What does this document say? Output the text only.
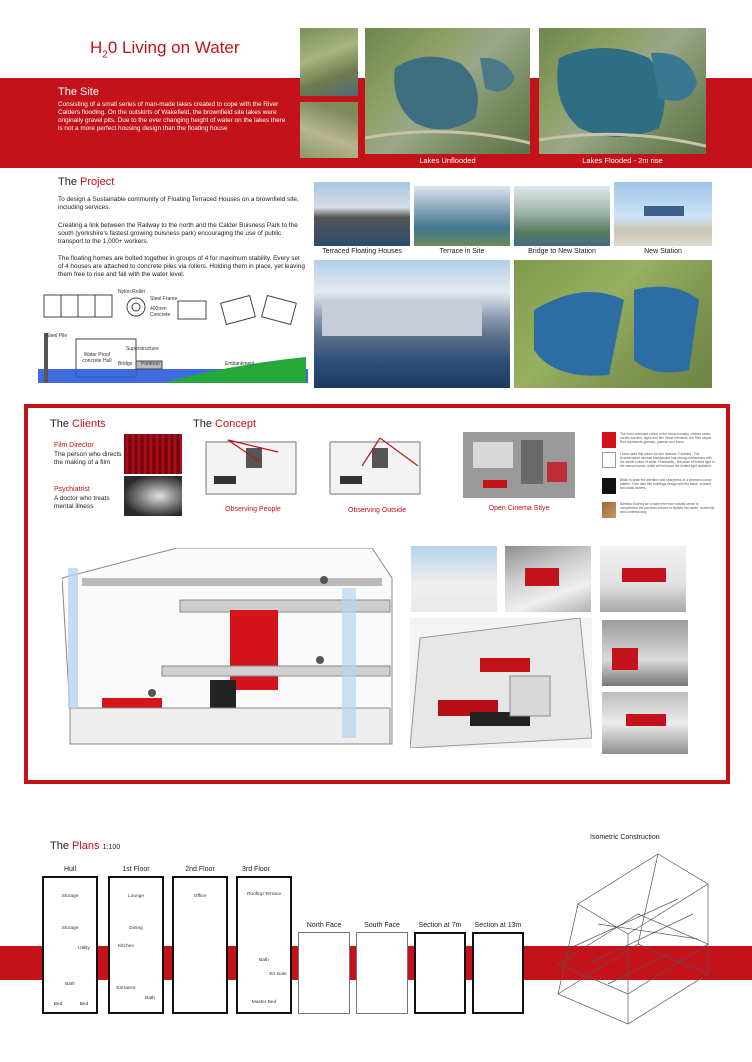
$H_20$ Living on Water
Lakes Unflooded	Lakes Flooded - 2m rise
The Site
Consisting of a small series of man-made lakes created to cope with the River Calders flooding. On the outskirts of Wakefield, the brownfield site lakes were originally gravel pits. Due to the ever changing height of water on the lakes there is not a more perfect housing design than the floating house
The Project
To design a Sustainable community of Floating Terraced Houses on a brownfield site, including services.
Creating a link between the Railway to the north and the Calder Buisness Park to the south (yorkshire's fastest growing buisness park) encouraging the use of public transport to the 1,000+ workers.
The floating homes are bolted together in groups of 4 for maximum stability. Every set of 4 houses are attached to concrete piles via rollers. Holding them in place, yet leaving them free to rise and fall with the water level.
Nylon Roller
Steel Frame
400mm Concrete
Steel Pile
Superstructure
Water Proof concrete Hull	Bridge Pontoon	Embankment
Terraced Floating Houses	Terrace in Site	Bridge to New Station	New Station
The Clients
Film Director
The person who directs the making of a film
Psychiatrist
A doctor who treats mental illness
The Concept
Observing People	Observing Outside	Open Cinema Stlye
The most dominant colour in the visual industry, cinema seats, curtain borders, signs and film frame elements, the Red carpet. Red represents glamour, passion and focus.
I have used this colour for two reasons. Contrast - The Scandinavian minimal background has strong connections with the sterile colour of white. Practicality - Because of limited light in the narrow house, white will enhance the limited light available.
Black to draw the attention and sharpness of a cinema's colour palette. Then also film buildings design with the black, screens and static clutters.
Bamboo flooring for a warm feel from natural sense to complement the previous colours in stylistic fan mode, modernist and contemporary.
The Plans 1:100
Isometric Construction
Hull	1st Floor	2nd Floor	3rd Floor
Storage
Storage
Utility
Bath
Bed	Bed
Lounge
Dining
Kitchen
Entrance
Bath
Office	Rooftop Terrace
Bath
En suite
Master Bed
North Face	South Face	Section at 7m	Section at 13m
